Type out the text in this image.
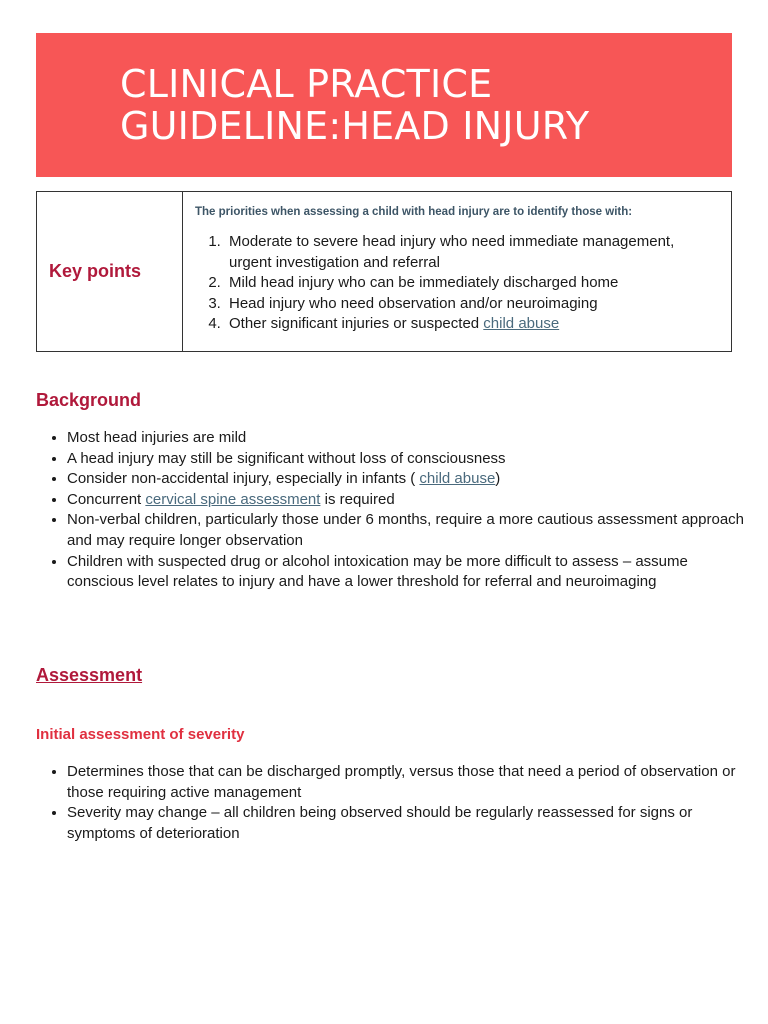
CLINICAL PRACTICE
GUIDELINE:HEAD INJURY
Key points

The priorities when assessing a child with head injury are to identify those with:

1. Moderate to severe head injury who need immediate management, urgent investigation and referral
2. Mild head injury who can be immediately discharged home
3. Head injury who need observation and/or neuroimaging
4. Other significant injuries or suspected child abuse
Background
• Most head injuries are mild
• A head injury may still be significant without loss of consciousness
• Consider non-accidental injury, especially in infants ( child abuse)
• Concurrent cervical spine assessment is required
• Non-verbal children, particularly those under 6 months, require a more cautious assessment approach and may require longer observation
• Children with suspected drug or alcohol intoxication may be more difficult to assess – assume conscious level relates to injury and have a lower threshold for referral and neuroimaging
Assessment
Initial assessment of severity
• Determines those that can be discharged promptly, versus those that need a period of observation or those requiring active management
• Severity may change – all children being observed should be regularly reassessed for signs or symptoms of deterioration
